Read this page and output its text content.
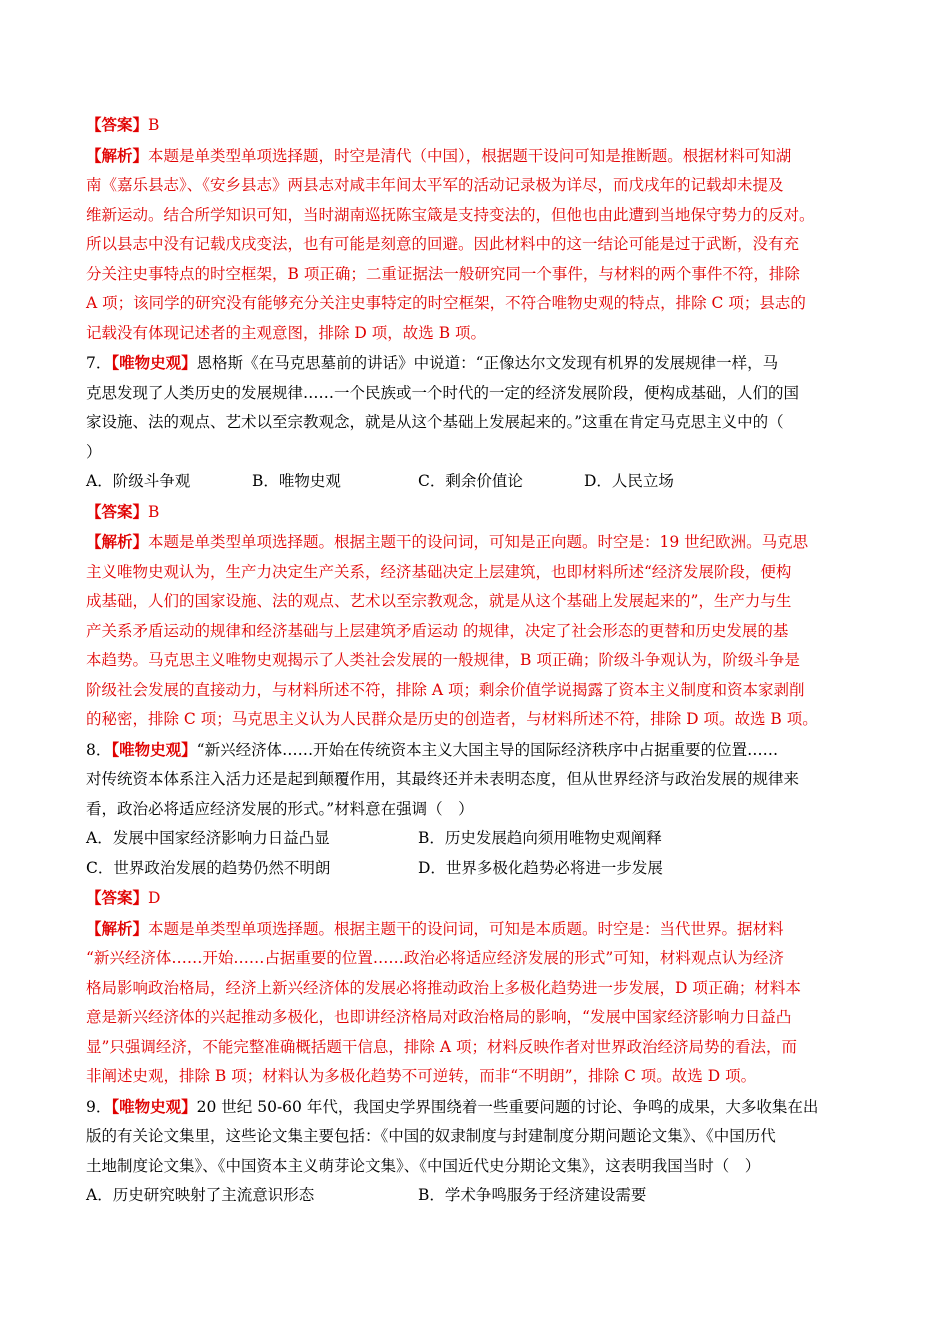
【答案】B
【解析】本题是单类型单项选择题，时空是清代（中国），根据题干设问可知是推断题。根据材料可知湖
南《嘉乐县志》、《安乡县志》两县志对咸丰年间太平军的活动记录极为详尽，而戊戌年的记载却未提及
维新运动。结合所学知识可知，当时湖南巡抚陈宝箴是支持变法的，但他也由此遭到当地保守势力的反对。
所以县志中没有记载戊戌变法，也有可能是刻意的回避。因此材料中的这一结论可能是过于武断，没有充
分关注史事特点的时空框架，B 项正确；二重证据法一般研究同一个事件，与材料的两个事件不符，排除
A 项；该同学的研究没有能够充分关注史事特定的时空框架，不符合唯物史观的特点，排除 C 项；县志的
记载没有体现记述者的主观意图，排除 D 项，故选 B 项。
7．【唯物史观】恩格斯《在马克思墓前的讲话》中说道：“正像达尔文发现有机界的发展规律一样，马
克思发现了人类历史的发展规律……一个民族或一个时代的一定的经济发展阶段，便构成基础，人们的国
家设施、法的观点、艺术以至宗教观念，就是从这个基础上发展起来的。”这重在肯定马克思主义中的（
）
A．阶级斗争观	B．唯物史观	C．剩余价值论	D．人民立场
【答案】B
【解析】本题是单类型单项选择题。根据主题干的设问词，可知是正向题。时空是：19 世纪欧洲。马克思
主义唯物史观认为，生产力决定生产关系，经济基础决定上层建筑，也即材料所述“经济发展阶段，便构
成基础，人们的国家设施、法的观点、艺术以至宗教观念，就是从这个基础上发展起来的”，生产力与生
产关系矛盾运动的规律和经济基础与上层建筑矛盾运动 的规律，决定了社会形态的更替和历史发展的基
本趋势。马克思主义唯物史观揭示了人类社会发展的一般规律，B 项正确；阶级斗争观认为，阶级斗争是
阶级社会发展的直接动力，与材料所述不符，排除 A 项；剩余价值学说揭露了资本主义制度和资本家剥削
的秘密，排除 C 项；马克思主义认为人民群众是历史的创造者，与材料所述不符，排除 D 项。故选 B 项。
8．【唯物史观】“新兴经济体……开始在传统资本主义大国主导的国际经济秩序中占据重要的位置……
对传统资本体系注入活力还是起到颠覆作用，其最终还并未表明态度，但从世界经济与政治发展的规律来
看，政治必将适应经济发展的形式。”材料意在强调（　）
A．发展中国家经济影响力日益凸显	B．历史发展趋向须用唯物史观阐释
C．世界政治发展的趋势仍然不明朗	D．世界多极化趋势必将进一步发展
【答案】D
【解析】本题是单类型单项选择题。根据主题干的设问词，可知是本质题。时空是：当代世界。据材料
“新兴经济体……开始……占据重要的位置……政治必将适应经济发展的形式”可知，材料观点认为经济
格局影响政治格局，经济上新兴经济体的发展必将推动政治上多极化趋势进一步发展，D 项正确；材料本
意是新兴经济体的兴起推动多极化，也即讲经济格局对政治格局的影响，“发展中国家经济影响力日益凸
显”只强调经济，不能完整准确概括题干信息，排除 A 项；材料反映作者对世界政治经济局势的看法，而
非阐述史观，排除 B 项；材料认为多极化趋势不可逆转，而非“不明朗”，排除 C 项。故选 D 项。
9．【唯物史观】20 世纪 50-60 年代，我国史学界围绕着一些重要问题的讨论、争鸣的成果，大多收集在出
版的有关论文集里，这些论文集主要包括：《中国的奴隶制度与封建制度分期问题论文集》、《中国历代
土地制度论文集》、《中国资本主义萌芽论文集》、《中国近代史分期论文集》，这表明我国当时（　）
A．历史研究映射了主流意识形态	B．学术争鸣服务于经济建设需要
